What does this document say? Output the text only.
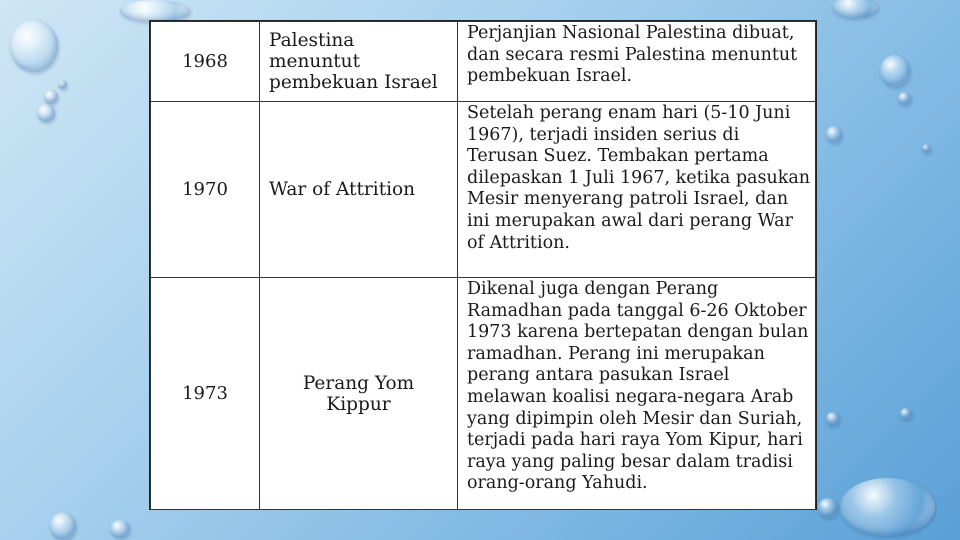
1968	Palestina menuntut pembekuan Israel	Perjanjian Nasional Palestina dibuat, dan secara resmi Palestina menuntut pembekuan Israel.
1970	War of Attrition	Setelah perang enam hari (5-10 Juni 1967), terjadi insiden serius di Terusan Suez. Tembakan pertama dilepaskan 1 Juli 1967, ketika pasukan Mesir menyerang patroli Israel, dan ini merupakan awal dari perang War of Attrition.
1973	Perang Yom Kippur	Dikenal juga dengan Perang Ramadhan pada tanggal 6-26 Oktober 1973 karena bertepatan dengan bulan ramadhan. Perang ini merupakan perang antara pasukan Israel melawan koalisi negara-negara Arab yang dipimpin oleh Mesir dan Suriah, terjadi pada hari raya Yom Kipur, hari raya yang paling besar dalam tradisi orang-orang Yahudi.
